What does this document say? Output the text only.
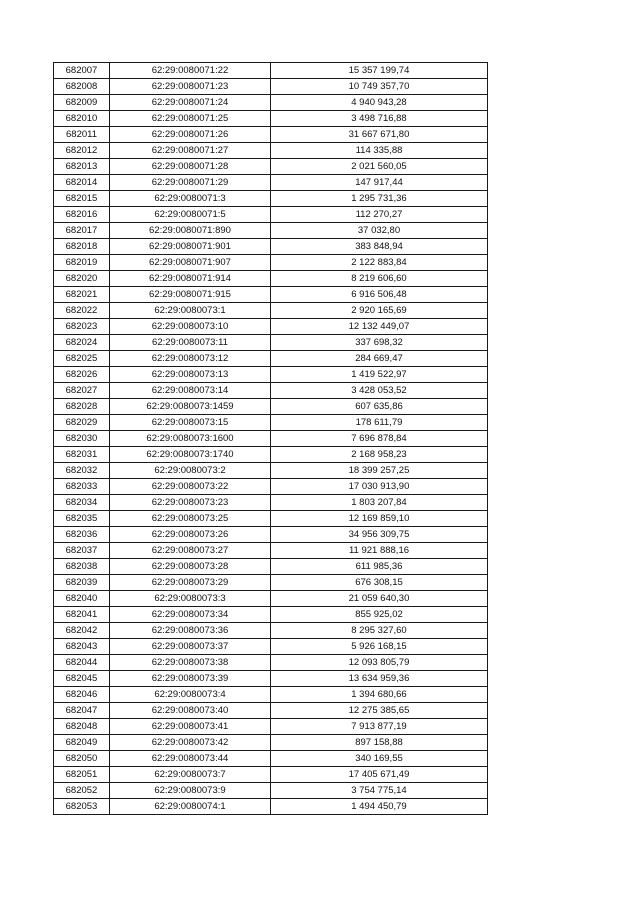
682007	62:29:0080071:22	15 357 199,74
682008	62:29:0080071:23	10 749 357,70
682009	62:29:0080071:24	4 940 943,28
682010	62:29:0080071:25	3 498 716,88
682011	62:29:0080071:26	31 667 671,80
682012	62:29:0080071:27	114 335,88
682013	62:29:0080071:28	2 021 560,05
682014	62:29:0080071:29	147 917,44
682015	62:29:0080071:3	1 295 731,36
682016	62:29:0080071:5	112 270,27
682017	62:29:0080071:890	37 032,80
682018	62:29:0080071:901	383 848,94
682019	62:29:0080071:907	2 122 883,84
682020	62:29:0080071:914	8 219 606,60
682021	62:29:0080071:915	6 916 506,48
682022	62:29:0080073:1	2 920 165,69
682023	62:29:0080073:10	12 132 449,07
682024	62:29:0080073:11	337 698,32
682025	62:29:0080073:12	284 669,47
682026	62:29:0080073:13	1 419 522,97
682027	62:29:0080073:14	3 428 053,52
682028	62:29:0080073:1459	607 635,86
682029	62:29:0080073:15	178 611,79
682030	62:29:0080073:1600	7 696 878,84
682031	62:29:0080073:1740	2 168 958,23
682032	62:29:0080073:2	18 399 257,25
682033	62:29:0080073:22	17 030 913,90
682034	62:29:0080073:23	1 803 207,84
682035	62:29:0080073:25	12 169 859,10
682036	62:29:0080073:26	34 956 309,75
682037	62:29:0080073:27	11 921 888,16
682038	62:29:0080073:28	611 985,36
682039	62:29:0080073:29	676 308,15
682040	62:29:0080073:3	21 059 640,30
682041	62:29:0080073:34	855 925,02
682042	62:29:0080073:36	8 295 327,60
682043	62:29:0080073:37	5 926 168,15
682044	62:29:0080073:38	12 093 805,79
682045	62:29:0080073:39	13 634 959,36
682046	62:29:0080073:4	1 394 680,66
682047	62:29:0080073:40	12 275 385,65
682048	62:29:0080073:41	7 913 877,19
682049	62:29:0080073:42	897 158,88
682050	62:29:0080073:44	340 169,55
682051	62:29:0080073:7	17 405 671,49
682052	62:29:0080073:9	3 754 775,14
682053	62:29:0080074:1	1 494 450,79
